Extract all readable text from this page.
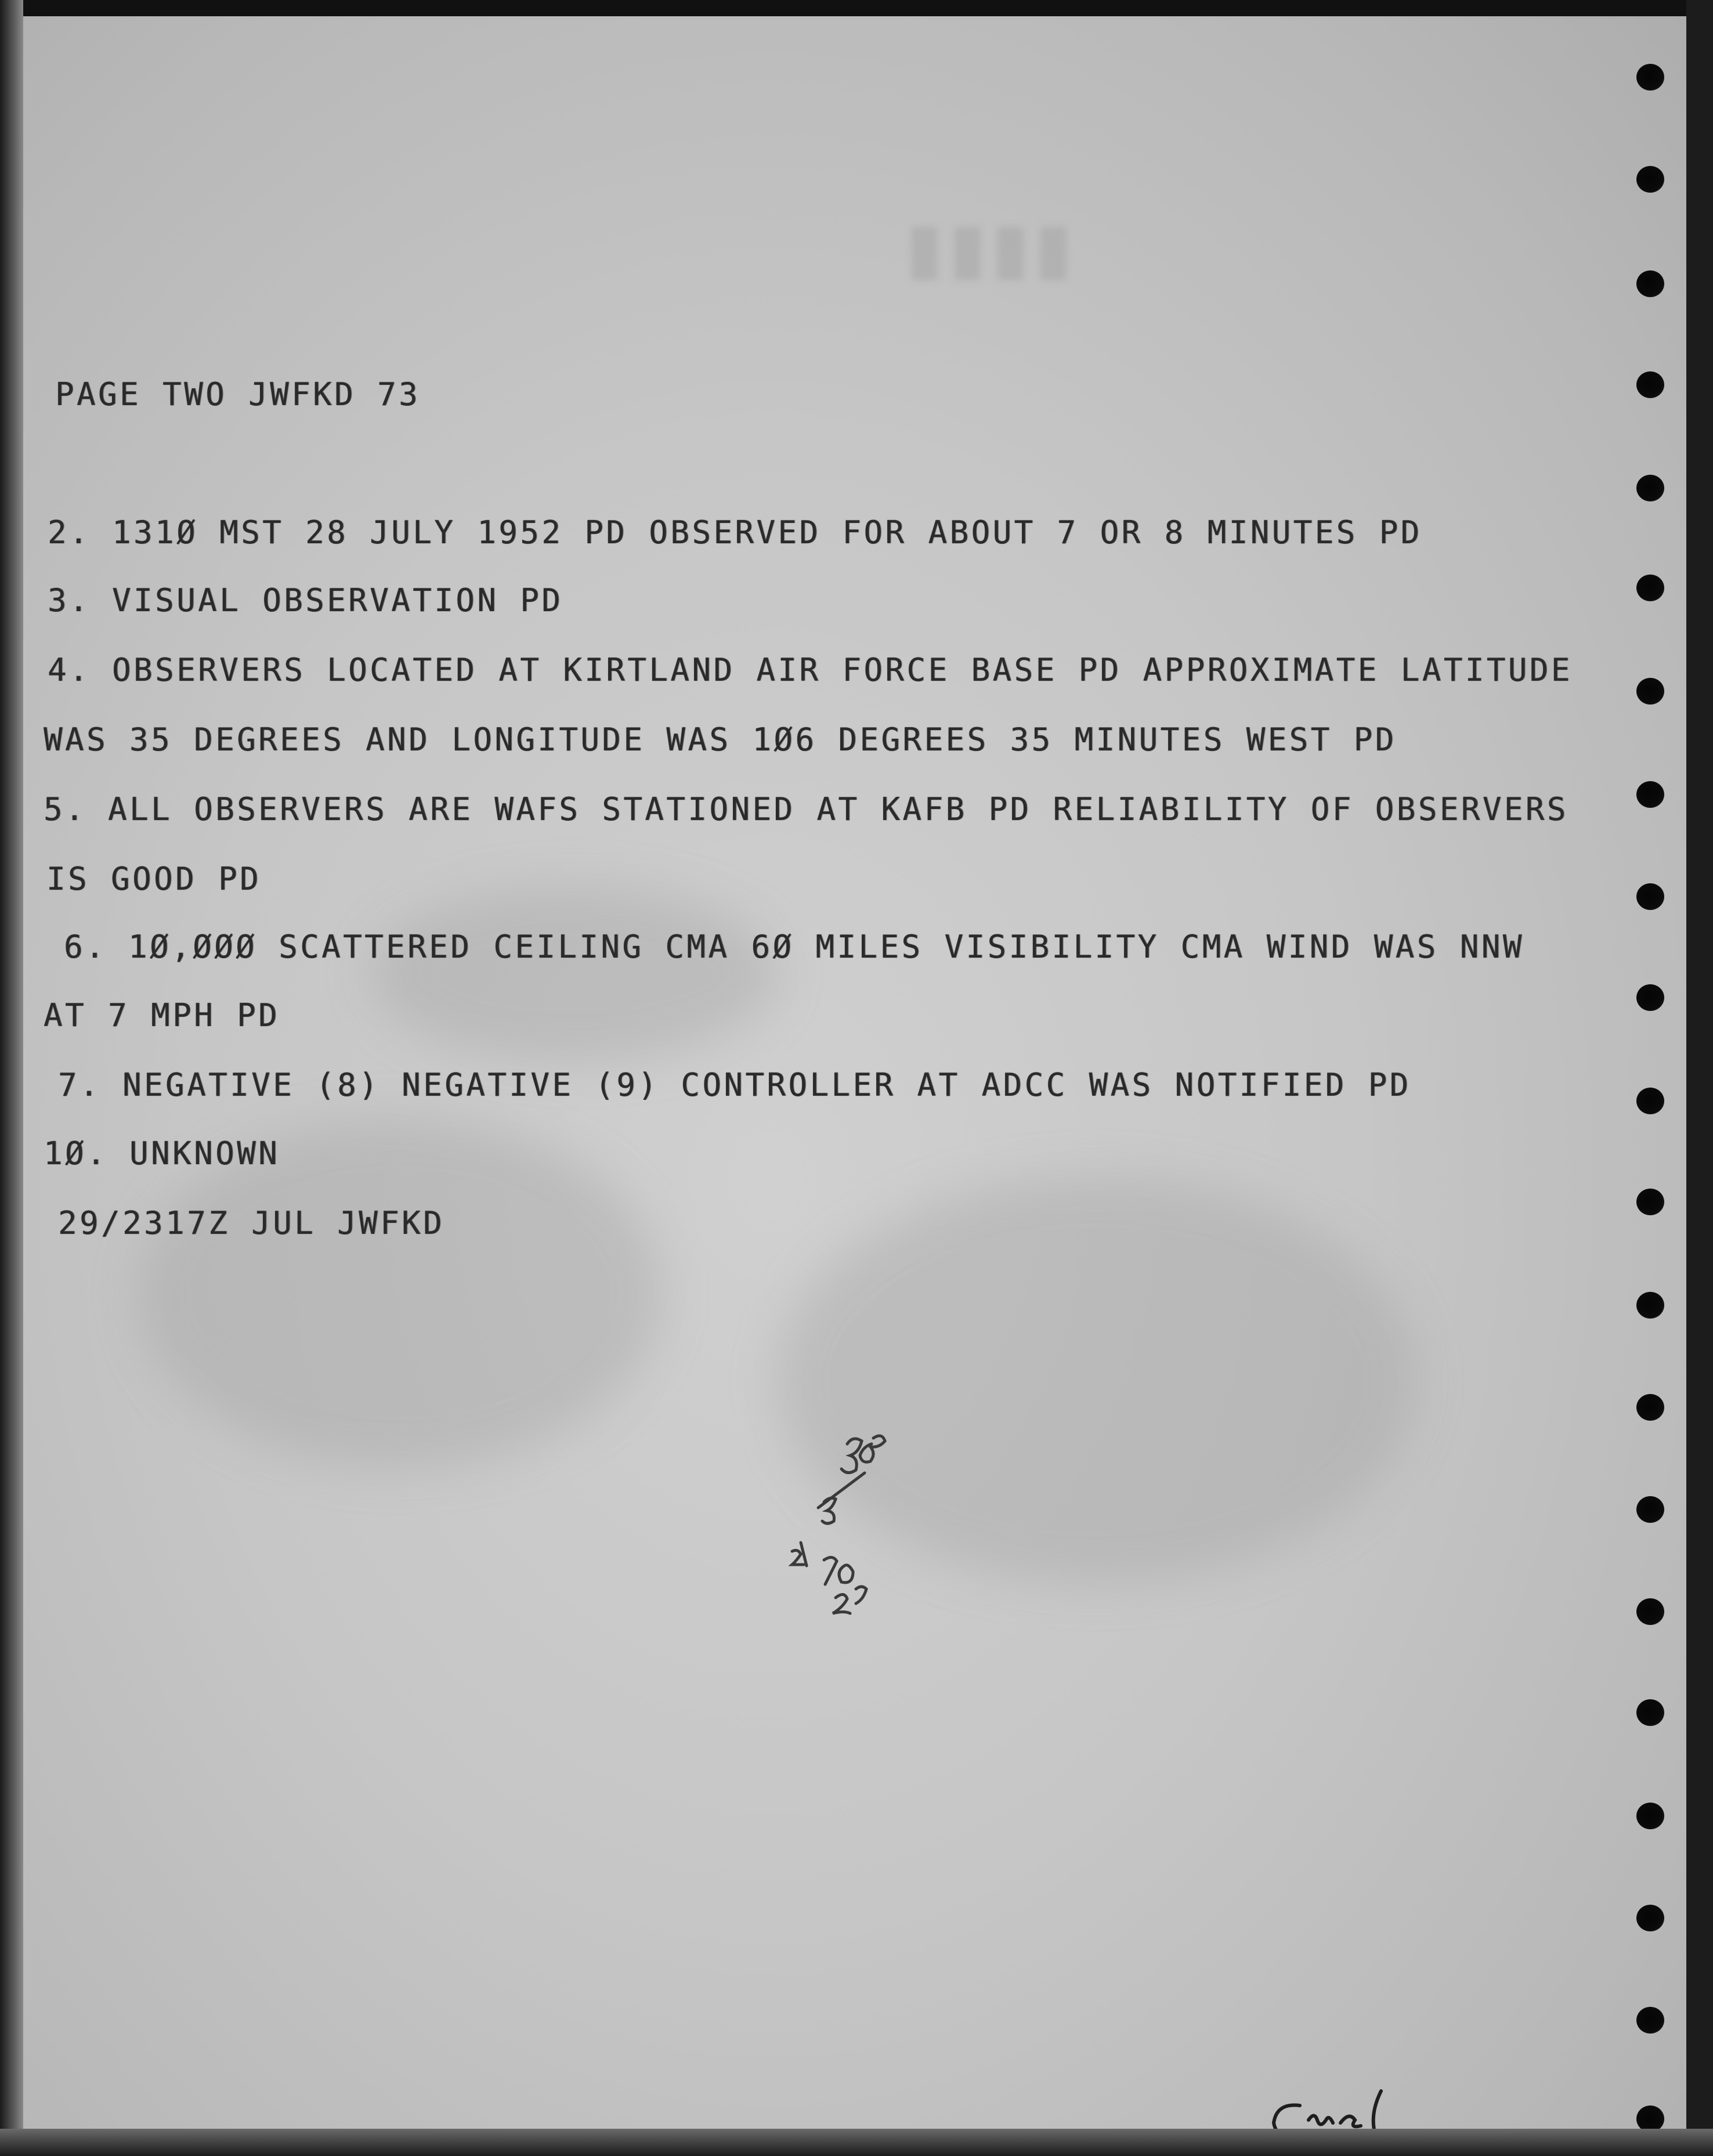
▮▮▮▮
PAGE TWO JWFKD 73
2. 131Ø MST 28 JULY 1952 PD OBSERVED FOR ABOUT 7 OR 8 MINUTES PD
3. VISUAL OBSERVATION PD
4. OBSERVERS LOCATED AT KIRTLAND AIR FORCE BASE PD APPROXIMATE LATITUDE
WAS 35 DEGREES AND LONGITUDE WAS 1Ø6 DEGREES 35 MINUTES WEST PD
5. ALL OBSERVERS ARE WAFS STATIONED AT KAFB PD RELIABILITY OF OBSERVERS
IS GOOD PD
6. 1Ø,ØØØ SCATTERED CEILING CMA 6Ø MILES VISIBILITY CMA WIND WAS NNW
AT 7 MPH PD
7. NEGATIVE (8) NEGATIVE (9) CONTROLLER AT ADCC WAS NOTIFIED PD
1Ø. UNKNOWN
29/2317Z JUL JWFKD
